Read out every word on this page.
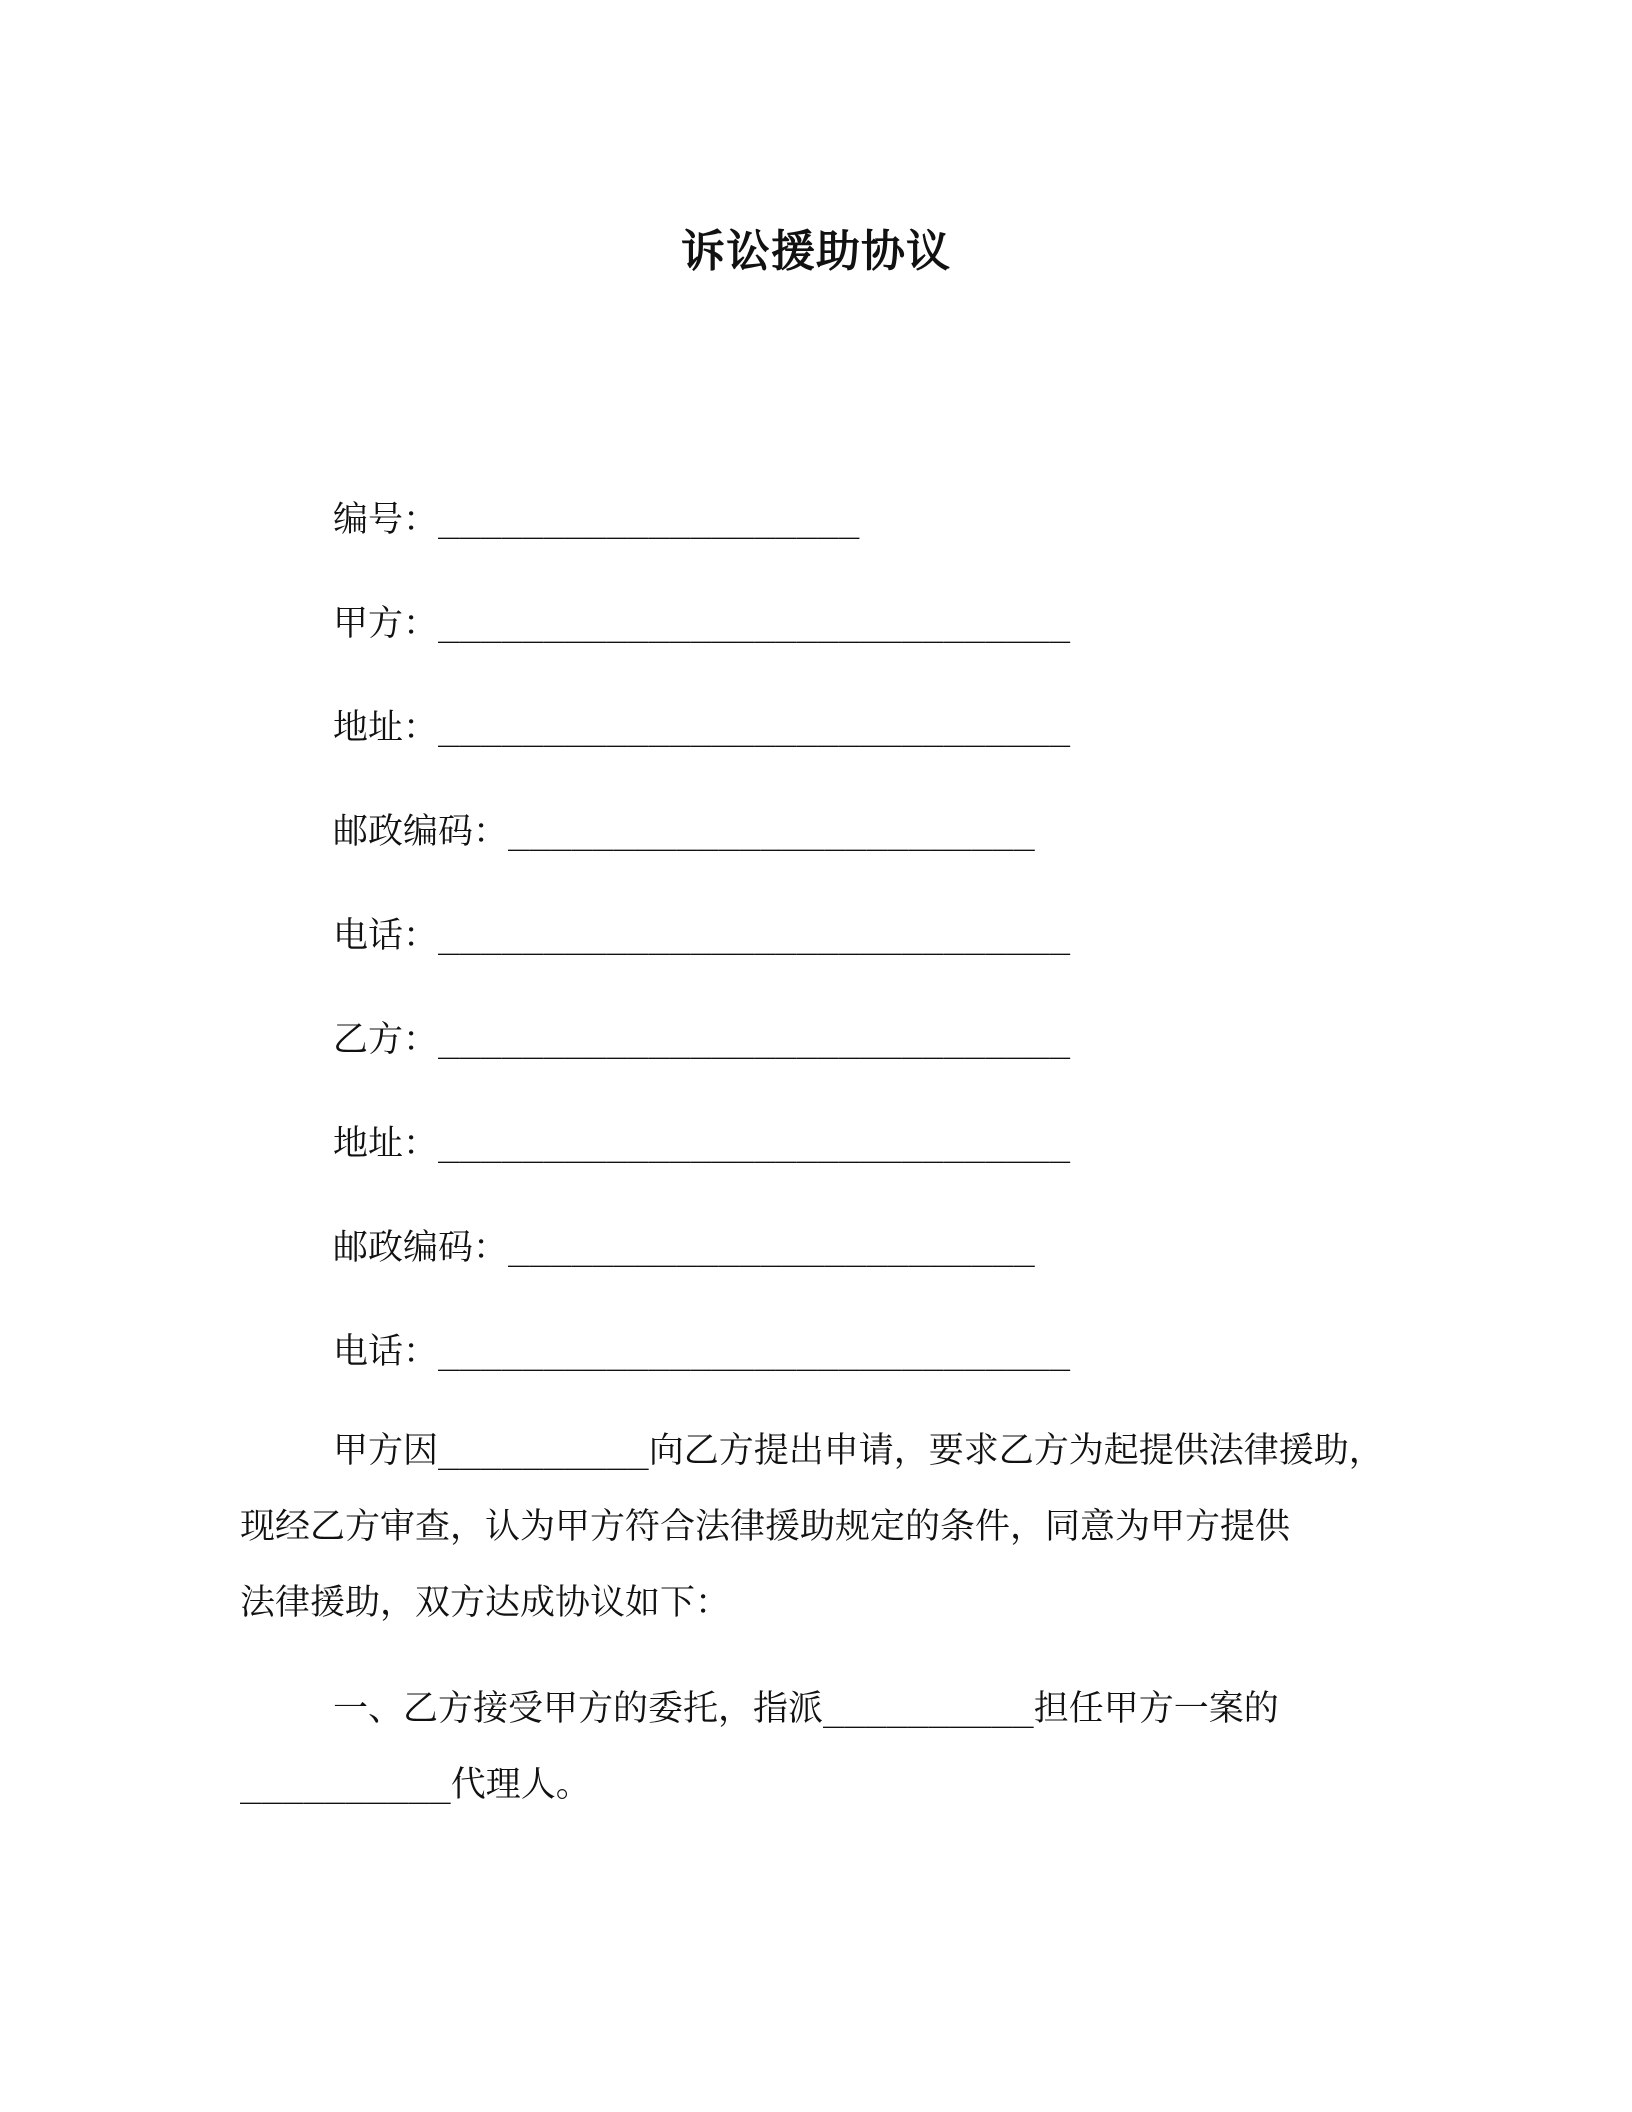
诉讼援助协议
编号：____________________
甲方：______________________________
地址：______________________________
邮政编码：_________________________
电话：______________________________
乙方：______________________________
地址：______________________________
邮政编码：_________________________
电话：______________________________
甲方因__________向乙方提出申请，要求乙方为起提供法律援助，
现经乙方审查，认为甲方符合法律援助规定的条件，同意为甲方提供
法律援助，双方达成协议如下：
一、乙方接受甲方的委托，指派__________担任甲方一案的
__________代理人。
